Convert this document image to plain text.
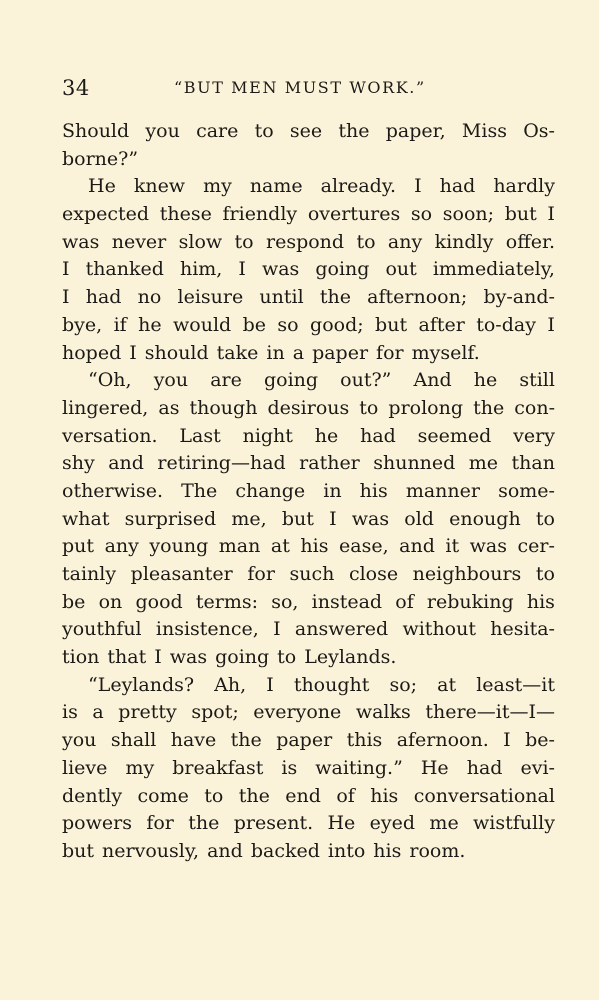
34	“BUT MEN MUST WORK.”
Should you care to see the paper, Miss Os-
borne?”
He knew my name already. I had hardly
expected these friendly overtures so soon; but I
was never slow to respond to any kindly offer.
I thanked him, I was going out immediately,
I had no leisure until the afternoon; by-and-
bye, if he would be so good; but after to-day I
hoped I should take in a paper for myself.
“Oh, you are going out?” And he still
lingered, as though desirous to prolong the con-
versation. Last night he had seemed very
shy and retiring—had rather shunned me than
otherwise. The change in his manner some-
what surprised me, but I was old enough to
put any young man at his ease, and it was cer-
tainly pleasanter for such close neighbours to
be on good terms: so, instead of rebuking his
youthful insistence, I answered without hesita-
tion that I was going to Leylands.
“Leylands? Ah, I thought so; at least—it
is a pretty spot; everyone walks there—it—I—
you shall have the paper this afernoon. I be-
lieve my breakfast is waiting.” He had evi-
dently come to the end of his conversational
powers for the present. He eyed me wistfully
but nervously, and backed into his room.
